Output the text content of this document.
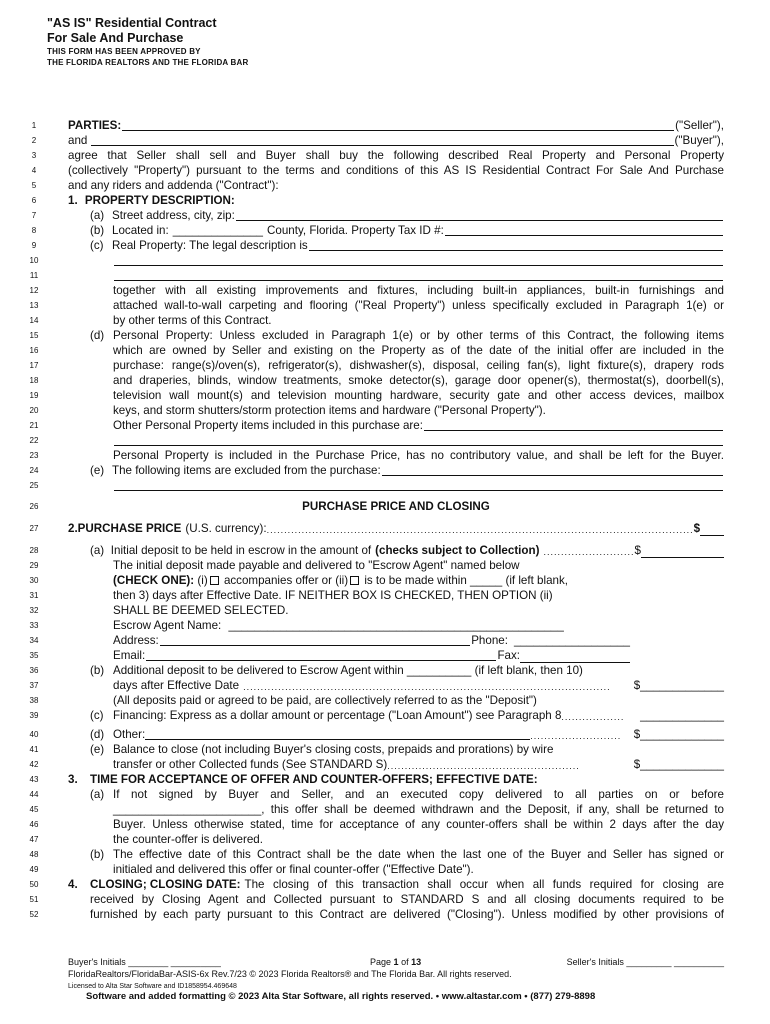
"AS IS" Residential Contract
For Sale And Purchase
THIS FORM HAS BEEN APPROVED BY
THE FLORIDA REALTORS AND THE FLORIDA BAR
1	PARTIES:	("Seller"),
2	and	("Buyer"),
3	agree that Seller shall sell and Buyer shall buy the following described Real Property and Personal Property
4	(collectively "Property") pursuant to the terms and conditions of this AS IS Residential Contract For Sale And Purchase
5	and any riders and addenda ("Contract"):
6	1. PROPERTY DESCRIPTION:
7	(a) Street address, city, zip:
8	(b) Located in: ______________ County, Florida. Property Tax ID #:
9	(c) Real Property: The legal description is
10
11
12	together with all existing improvements and fixtures, including built-in appliances, built-in furnishings and
13	attached wall-to-wall carpeting and flooring ("Real Property") unless specifically excluded in Paragraph 1(e) or
14	by other terms of this Contract.
15	(d) Personal Property: Unless excluded in Paragraph 1(e) or by other terms of this Contract, the following items
16	which are owned by Seller and existing on the Property as of the date of the initial offer are included in the
17	purchase: range(s)/oven(s), refrigerator(s), dishwasher(s), disposal, ceiling fan(s), light fixture(s), drapery rods
18	and draperies, blinds, window treatments, smoke detector(s), garage door opener(s), thermostat(s), doorbell(s),
19	television wall mount(s) and television mounting hardware, security gate and other access devices, mailbox
20	keys, and storm shutters/storm protection items and hardware ("Personal Property").
21	Other Personal Property items included in this purchase are:
22
23	Personal Property is included in the Purchase Price, has no contributory value, and shall be left for the Buyer.
24	(e) The following items are excluded from the purchase:
25
26	PURCHASE PRICE AND CLOSING
27	2. PURCHASE PRICE (U.S. currency): .......................................................................................................................... $
28	(a) Initial deposit to be held in escrow in the amount of (checks subject to Collection) .......................... $
29	The initial deposit made payable and delivered to "Escrow Agent" named below
30	(CHECK ONE): (i) accompanies offer or (ii) is to be made within _____ (if left blank,
31	then 3) days after Effective Date. IF NEITHER BOX IS CHECKED, THEN OPTION (ii)
32	SHALL BE DEEMED SELECTED.
33	Escrow Agent Name: ____________________________________________________
34	Address:	Phone: __________________
35	Email:	Fax:
36	(b) Additional deposit to be delivered to Escrow Agent within __________ (if left blank, then 10)
37	days after Effective Date .........................................................................................................	$ _____________
38	(All deposits paid or agreed to be paid, are collectively referred to as the "Deposit")
39	(c) Financing: Express as a dollar amount or percentage ("Loan Amount") see Paragraph 8 ..................	_____________
40	(d) Other:	..........................	$ _____________
41	(e) Balance to close (not including Buyer's closing costs, prepaids and prorations) by wire
42	transfer or other Collected funds (See STANDARD S) .......................................................	$ _____________
43	3. TIME FOR ACCEPTANCE OF OFFER AND COUNTER-OFFERS; EFFECTIVE DATE:
44	(a) If not signed by Buyer and Seller, and an executed copy delivered to all parties on or before
45	_______________________, this offer shall be deemed withdrawn and the Deposit, if any, shall be returned to
46	Buyer. Unless otherwise stated, time for acceptance of any counter-offers shall be within 2 days after the day
47	the counter-offer is delivered.
48	(b) The effective date of this Contract shall be the date when the last one of the Buyer and Seller has signed or
49	initialed and delivered this offer or final counter-offer ("Effective Date").
50	4.	CLOSING; CLOSING DATE: The closing of this transaction shall occur when all funds required for closing are
51	received by Closing Agent and Collected pursuant to STANDARD S and all closing documents required to be
52	furnished by each party pursuant to this Contract are delivered ("Closing"). Unless modified by other provisions of
Buyer's Initials ________ __________	Page 1 of 13	Seller's Initials _________ __________
FloridaRealtors/FloridaBar-ASIS-6x Rev.7/23 © 2023 Florida Realtors® and The Florida Bar. All rights reserved.
Licensed to Alta Star Software and ID1858954.469648
Software and added formatting © 2023 Alta Star Software, all rights reserved. • www.altastar.com • (877) 279-8898
